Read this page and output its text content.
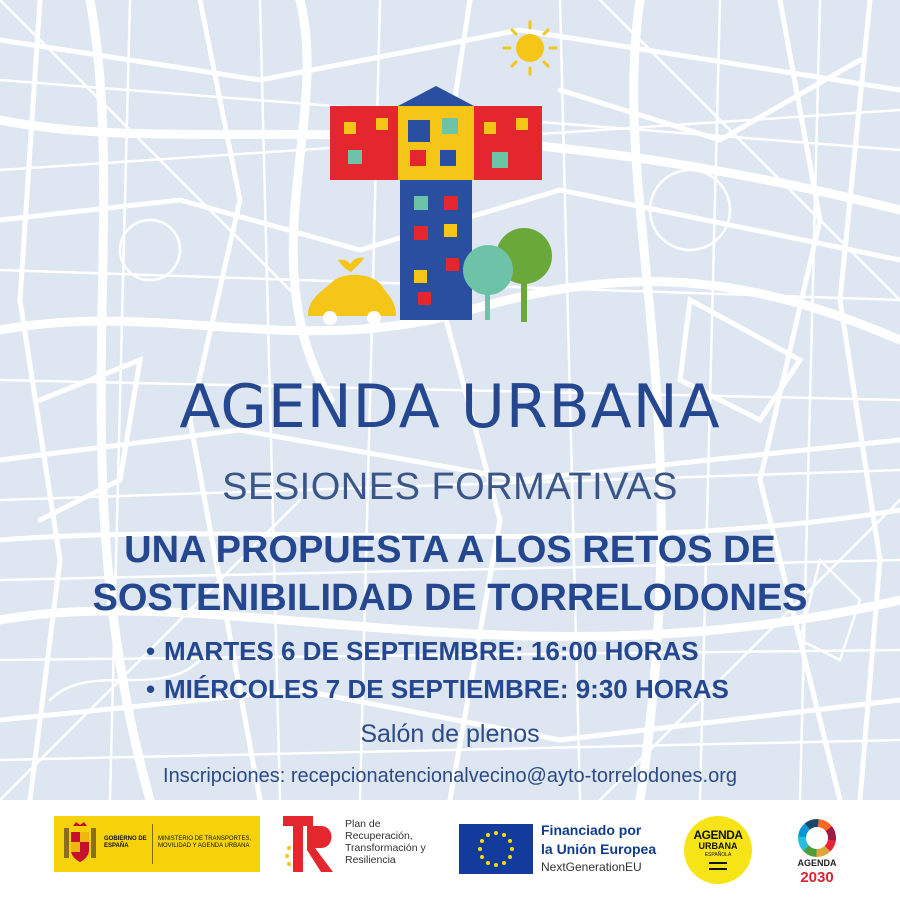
AGENDA URBANA
SESIONES FORMATIVAS
UNA PROPUESTA A LOS RETOS DE
SOSTENIBILIDAD DE TORRELODONES
• MARTES 6 DE SEPTIEMBRE: 16:00 HORAS
• MIÉRCOLES 7 DE SEPTIEMBRE: 9:30 HORAS
Salón de plenos
Inscripciones: recepcionatencionalvecino@ayto-torrelodones.org
GOBIERNO DE ESPAÑA
MINISTERIO DE TRANSPORTES, MOVILIDAD Y AGENDA URBANA
Plan de Recuperación, Transformación y Resiliencia
Financiado por
la Unión Europea
NextGenerationEU
AGENDA
URBANA
ESPAÑOLA
AGENDA
2030
